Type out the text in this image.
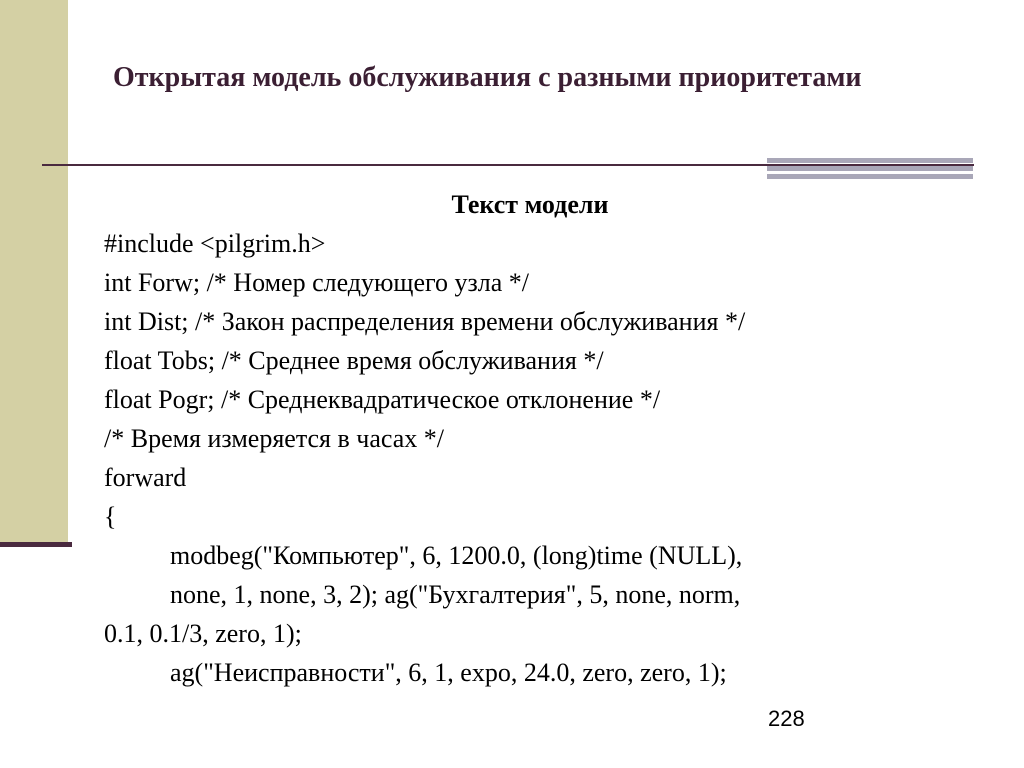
Открытая модель обслуживания с разными приоритетами
Текст модели
#include <pilgrim.h>
int Forw; /* Номер следующего узла */
int Dist; /* Закон распределения времени обслуживания */
float Tobs; /* Среднее время обслуживания */
float Pogr; /* Среднеквадратическое отклонение */
/* Время измеряется в часах */
forward
{
modbeg("Компьютер", 6, 1200.0, (long)time (NULL),
none, 1, none, 3, 2); ag("Бухгалтерия", 5, none, norm,
0.1, 0.1/3, zero, 1);
ag("Неисправности", 6, 1, expo, 24.0, zero, zero, 1);
228
